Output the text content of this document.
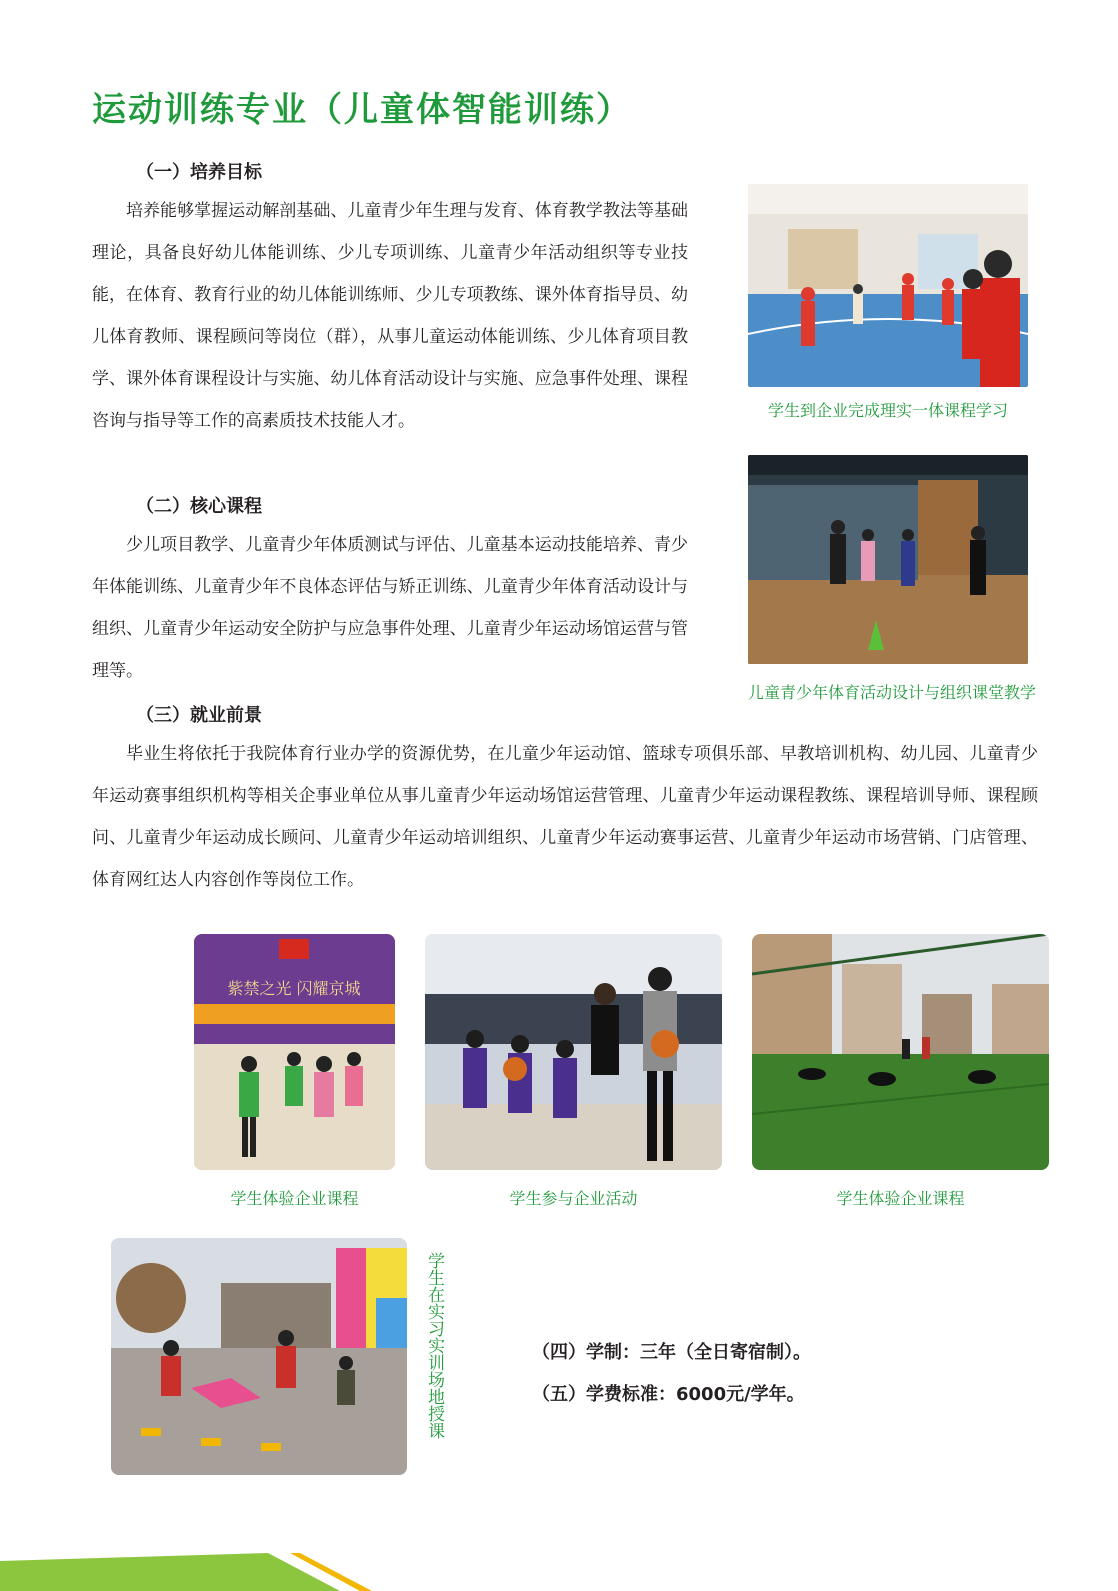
运动训练专业（儿童体智能训练）
（一）培养目标

培养能够掌握运动解剖基础、儿童青少年生理与发育、体育教学教法等基础理论，具备良好幼儿体能训练、少儿专项训练、儿童青少年活动组织等专业技能，在体育、教育行业的幼儿体能训练师、少儿专项教练、课外体育指导员、幼儿体育教师、课程顾问等岗位（群），从事儿童运动体能训练、少儿体育项目教学、课外体育课程设计与实施、幼儿体育活动设计与实施、应急事件处理、课程咨询与指导等工作的高素质技术技能人才。

（二）核心课程

少儿项目教学、儿童青少年体质测试与评估、儿童基本运动技能培养、青少年体能训练、儿童青少年不良体态评估与矫正训练、儿童青少年体育活动设计与组织、儿童青少年运动安全防护与应急事件处理、儿童青少年运动场馆运营与管理等。

（三）就业前景

毕业生将依托于我院体育行业办学的资源优势，在儿童少年运动馆、篮球专项俱乐部、早教培训机构、幼儿园、儿童青少年运动赛事组织机构等相关企事业单位从事儿童青少年运动场馆运营管理、儿童青少年运动课程教练、课程培训导师、课程顾问、儿童青少年运动成长顾问、儿童青少年运动培训组织、儿童青少年运动赛事运营、儿童青少年运动市场营销、门店管理、体育网红达人内容创作等岗位工作。

学生到企业完成理实一体课程学习
儿童青少年体育活动设计与组织课堂教学
紫禁之光 闪耀京城
学生体验企业课程	学生参与企业活动	学生体验企业课程
学生在实习实训场地授课	（四）学制：三年（全日寄宿制）。

（五）学费标准：6000元/学年。
